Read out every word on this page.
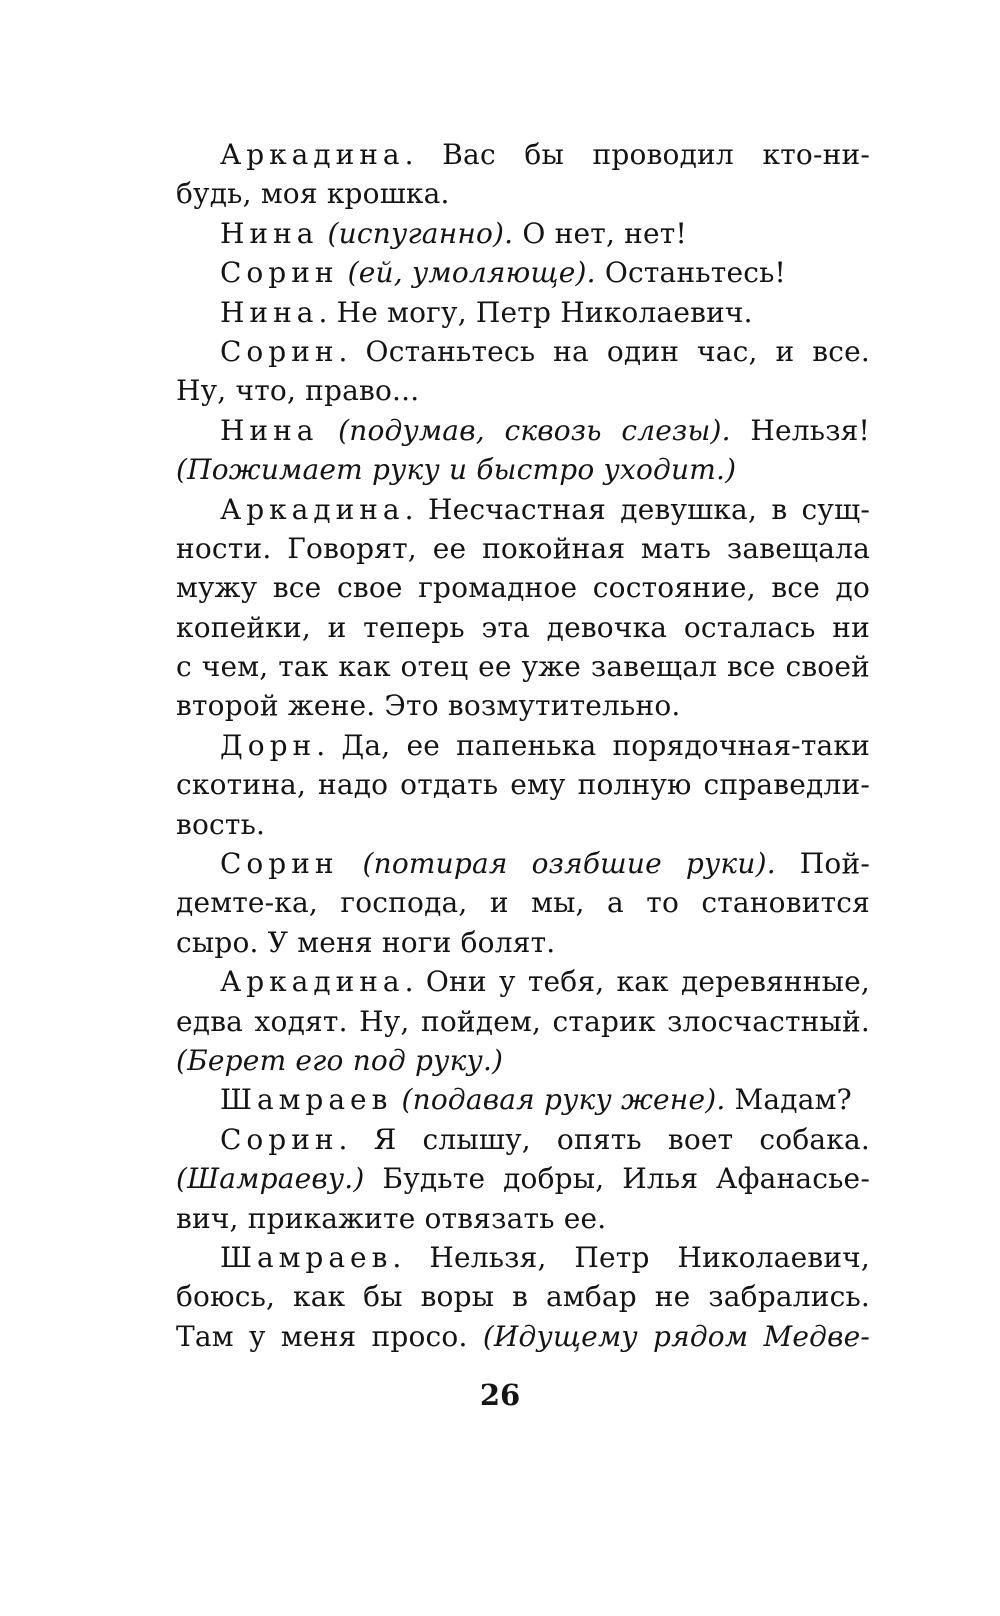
Аркадина. Вас бы проводил кто-ни-
будь, моя крошка.
Нина (испуганно). О нет, нет!
Сорин (ей, умоляюще). Останьтесь!
Нина. Не могу, Петр Николаевич.
Сорин. Останьтесь на один час, и все.
Ну, что, право...
Нина (подумав, сквозь слезы). Нельзя!
(Пожимает руку и быстро уходит.)
Аркадина. Несчастная девушка, в сущ-
ности. Говорят, ее покойная мать завещала
мужу все свое громадное состояние, все до
копейки, и теперь эта девочка осталась ни
с чем, так как отец ее уже завещал все своей
второй жене. Это возмутительно.
Дорн. Да, ее папенька порядочная-таки
скотина, надо отдать ему полную справедли-
вость.
Сорин (потирая озябшие руки). Пой-
демте-ка, господа, и мы, а то становится
сыро. У меня ноги болят.
Аркадина. Они у тебя, как деревянные,
едва ходят. Ну, пойдем, старик злосчастный.
(Берет его под руку.)
Шамраев (подавая руку жене). Мадам?
Сорин. Я слышу, опять воет собака.
(Шамраеву.) Будьте добры, Илья Афанасье-
вич, прикажите отвязать ее.
Шамраев. Нельзя, Петр Николаевич,
боюсь, как бы воры в амбар не забрались.
Там у меня просо. (Идущему рядом Медве-
26
